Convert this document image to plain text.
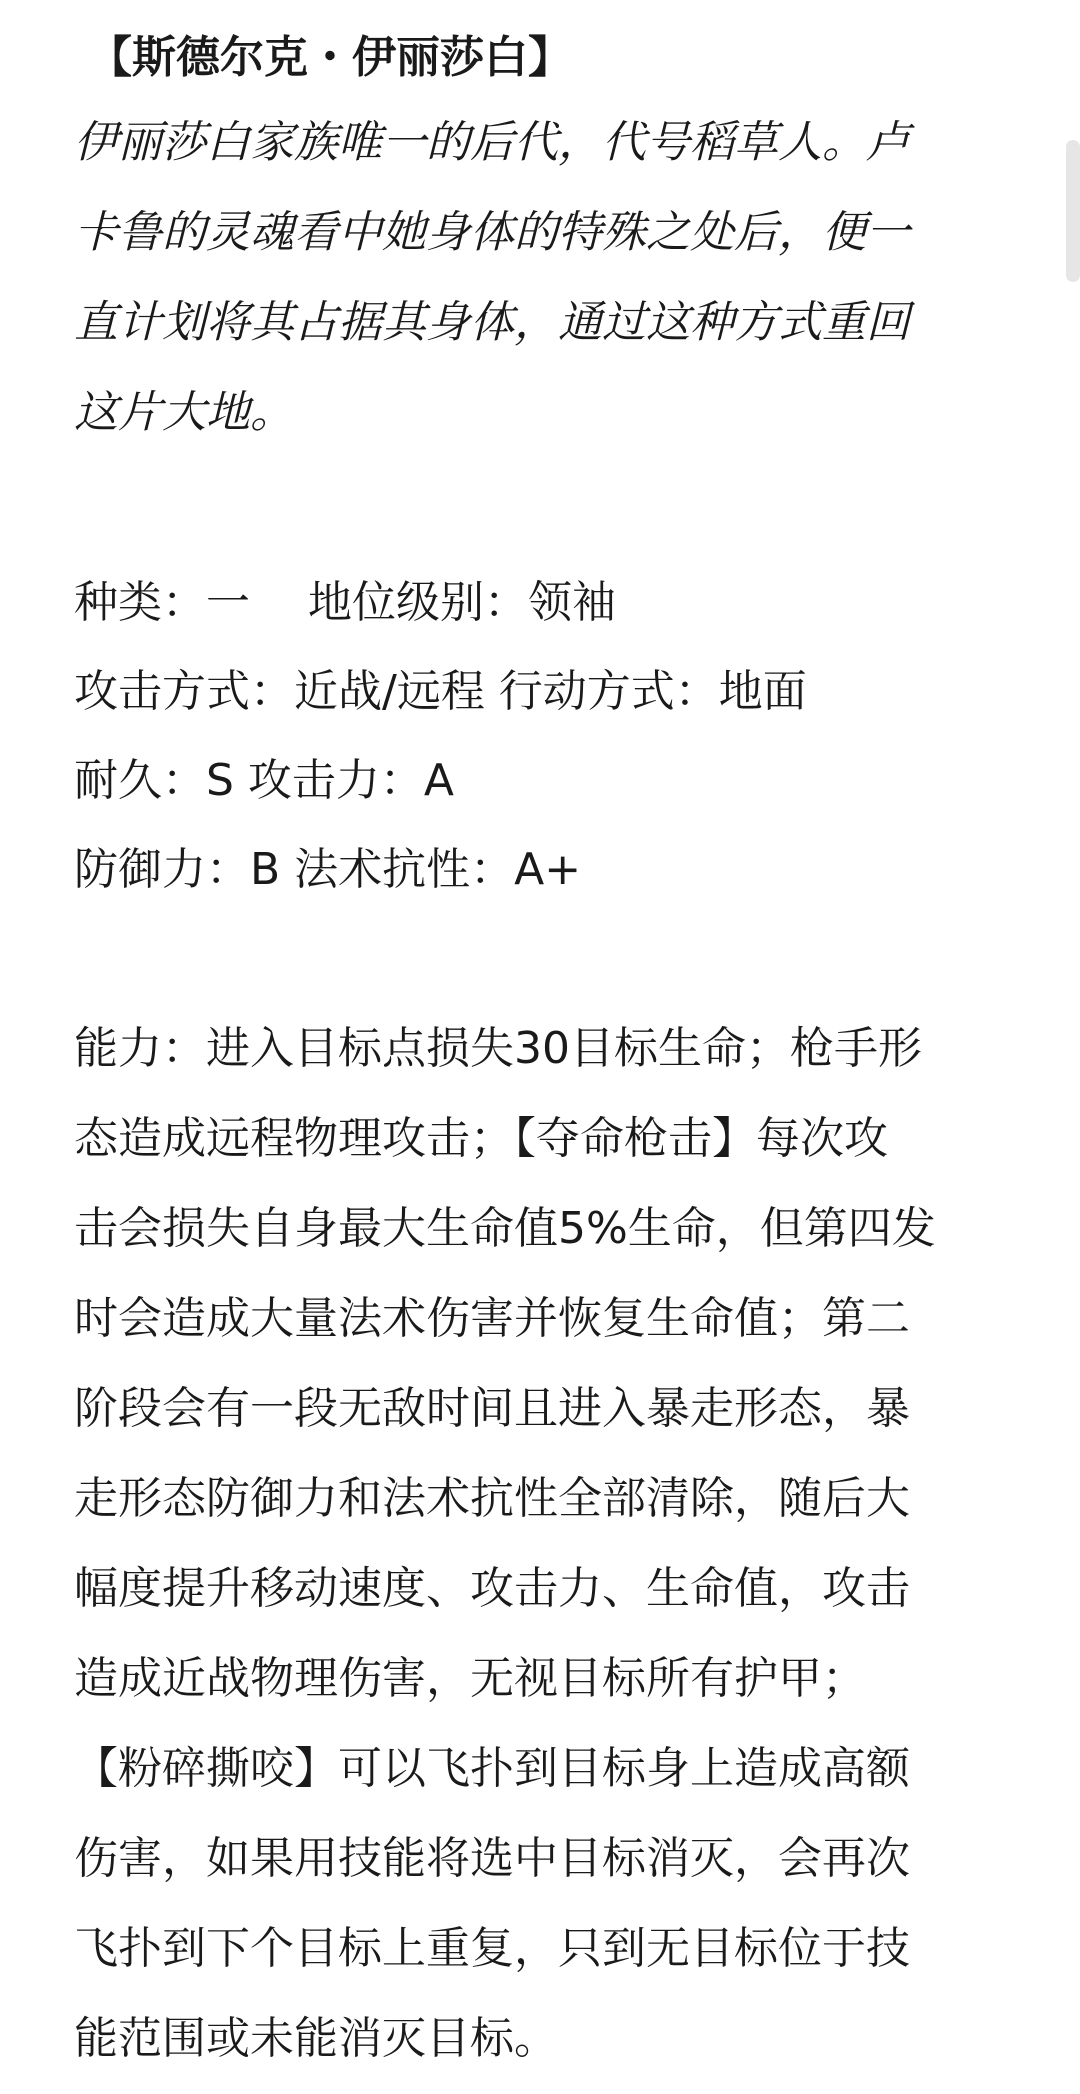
【斯德尔克・伊丽莎白】
伊丽莎白家族唯一的后代，代号稻草人。卢
卡鲁的灵魂看中她身体的特殊之处后，便一
直计划将其占据其身体，通过这种方式重回
这片大地。
种类：一　 地位级别：领袖
攻击方式：近战/远程 行动方式：地面
耐久：S 攻击力：A
防御力：B 法术抗性：A+
能力：进入目标点损失30目标生命；枪手形
态造成远程物理攻击；【夺命枪击】每次攻
击会损失自身最大生命值5%生命，但第四发
时会造成大量法术伤害并恢复生命值；第二
阶段会有一段无敌时间且进入暴走形态，暴
走形态防御力和法术抗性全部清除，随后大
幅度提升移动速度、攻击力、生命值，攻击
造成近战物理伤害，无视目标所有护甲；
【粉碎撕咬】可以飞扑到目标身上造成高额
伤害，如果用技能将选中目标消灭，会再次
飞扑到下个目标上重复，只到无目标位于技
能范围或未能消灭目标。
